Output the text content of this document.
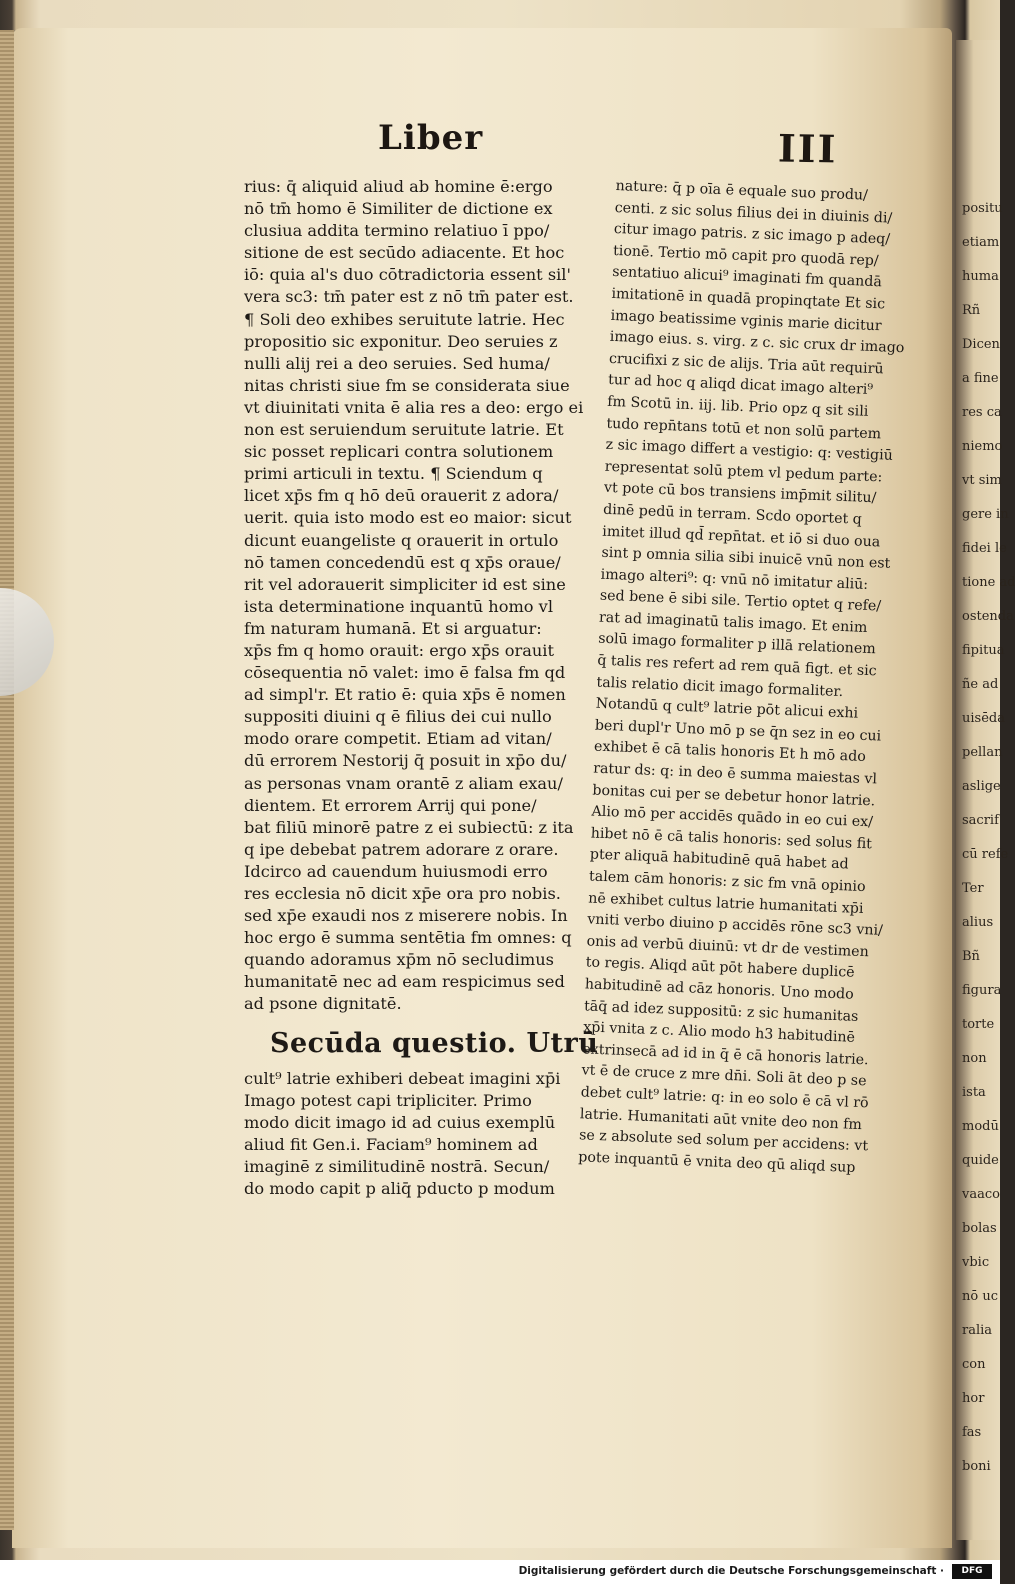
Liber	III
rius: q̄ aliquid aliud ab homine ē:ergo
nō tm̄ homo ē Similiter de dictione ex
clusiua addita termino relatiuo ī ppo/
sitione de est secūdo adiacente. Et hoc
iō: quia al's duo cōtradictoria essent sil'
vera sc3: tm̄ pater est z nō tm̄ pater est.
¶ Soli deo exhibes seruitute latrie. Hec
propositio sic exponitur. Deo seruies z
nulli alij rei a deo seruies. Sed huma/
nitas christi siue fm se considerata siue
vt diuinitati vnita ē alia res a deo: ergo ei
non est seruiendum seruitute latrie. Et
sic posset replicari contra solutionem
primi articuli in textu. ¶ Sciendum q
licet xp̄s fm q hō deū orauerit z adora/
uerit. quia isto modo est eo maior: sicut
dicunt euangeliste q orauerit in ortulo
nō tamen concedendū est q xp̄s oraue/
rit vel adorauerit simpliciter id est sine
ista determinatione inquantū homo vl
fm naturam humanā. Et si arguatur:
xp̄s fm q homo orauit: ergo xp̄s orauit
cōsequentia nō valet: imo ē falsa fm qd
ad simpl'r. Et ratio ē: quia xp̄s ē nomen
suppositi diuini q ē filius dei cui nullo
modo orare competit. Etiam ad vitan/
dū errorem Nestorij q̄ posuit in xp̄o du/
as personas vnam orantē z aliam exau/
dientem. Et errorem Arrij qui pone/
bat filiū minorē patre z ei subiectū: z ita
q ipe debebat patrem adorare z orare.
Idcirco ad cauendum huiusmodi erro
res ecclesia nō dicit xp̄e ora pro nobis.
sed xp̄e exaudi nos z miserere nobis. In
hoc ergo ē summa sentētia fm omnes: q
quando adoramus xp̄m nō secludimus
humanitatē nec ad eam respicimus sed
ad psone dignitatē.
Secūda questio. Utrū
cult⁹ latrie exhiberi debeat imagini xp̄i
Imago potest capi tripliciter. Primo
modo dicit imago id ad cuius exemplū
aliud fit Gen.i. Faciam⁹ hominem ad
imaginē z similitudinē nostrā. Secun/
do modo capit p aliq̄ pducto p modum
nature: q̄ p oīa ē equale suo produ/
centi. z sic solus filius dei in diuinis di/
citur imago patris. z sic imago p adeq/
tionē. Tertio mō capit pro quodā rep/
sentatiuo alicui⁹ imaginati fm quandā
imitationē in quadā propinqtate Et sic
imago beatissime vginis marie dicitur
imago eius. s. virg. z c. sic crux dr imago
crucifixi z sic de alijs. Tria aūt requirū
tur ad hoc q aliqd dicat imago alteri⁹
fm Scotū in. iij. lib. Prio opz q sit sili
tudo repn̄tans totū et non solū partem
z sic imago differt a vestigio: q: vestigiū
representat solū ptem vl pedum parte:
vt pote cū bos transiens imp̄mit silitu/
dinē pedū in terram. Scdo oportet q
imitet illud qd̄ repn̄tat. et iō si duo oua
sint p omnia silia sibi inuicē vnū non est
imago alteri⁹: q: vnū nō imitatur aliū:
sed bene ē sibi sile. Tertio optet q refe/
rat ad imaginatū talis imago. Et enim
solū imago formaliter p illā relationem
q̄ talis res refert ad rem quā figt. et sic
talis relatio dicit imago formaliter.
Notandū q cult⁹ latrie pōt alicui exhi
beri dupl'r Uno mō p se q̄n sez in eo cui
exhibet ē cā talis honoris Et h mō ado
ratur ds: q: in deo ē summa maiestas vl
bonitas cui per se debetur honor latrie.
Alio mō per accidēs quādo in eo cui ex/
hibet nō ē cā talis honoris: sed solus fit
pter aliquā habitudinē quā habet ad
talem cām honoris: z sic fm vnā opinio
nē exhibet cultus latrie humanitati xp̄i
vniti verbo diuino p accidēs rōne sc3 vni/
onis ad verbū diuinū: vt dr de vestimen
to regis. Aliqd aūt pōt habere duplicē
habitudinē ad cāz honoris. Uno modo
tāq̄ ad idez suppositū: z sic humanitas
xp̄i vnita z c. Alio modo h3 habitudinē
extrinsecā ad id in q̄ ē cā honoris latrie.
vt ē de cruce z mre dn̄i. Soli āt deo p se
debet cult⁹ latrie: q: in eo solo ē cā vl rō
latrie. Humanitati aūt vnite deo non fm
se z absolute sed solum per accidens: vt
pote inquantū ē vnita deo qū aliqd sup
positu
etiam
huma
Rñ
Dicen
a fine
res ca
niemo
vt sim
gere in
fidei le
tione ad
ostenda
fipitua
ñe ad
uisēda
pellan
aslige
sacrif
cū refe
Ter
alius
Bñ
figura
torte
non
ista
modū
quide
vaaco
bolas
vbic
nō uc
ralia
con
hor
fas
boni
Digitalisierung gefördert durch die Deutsche Forschungsgemeinschaft ·	DFG
